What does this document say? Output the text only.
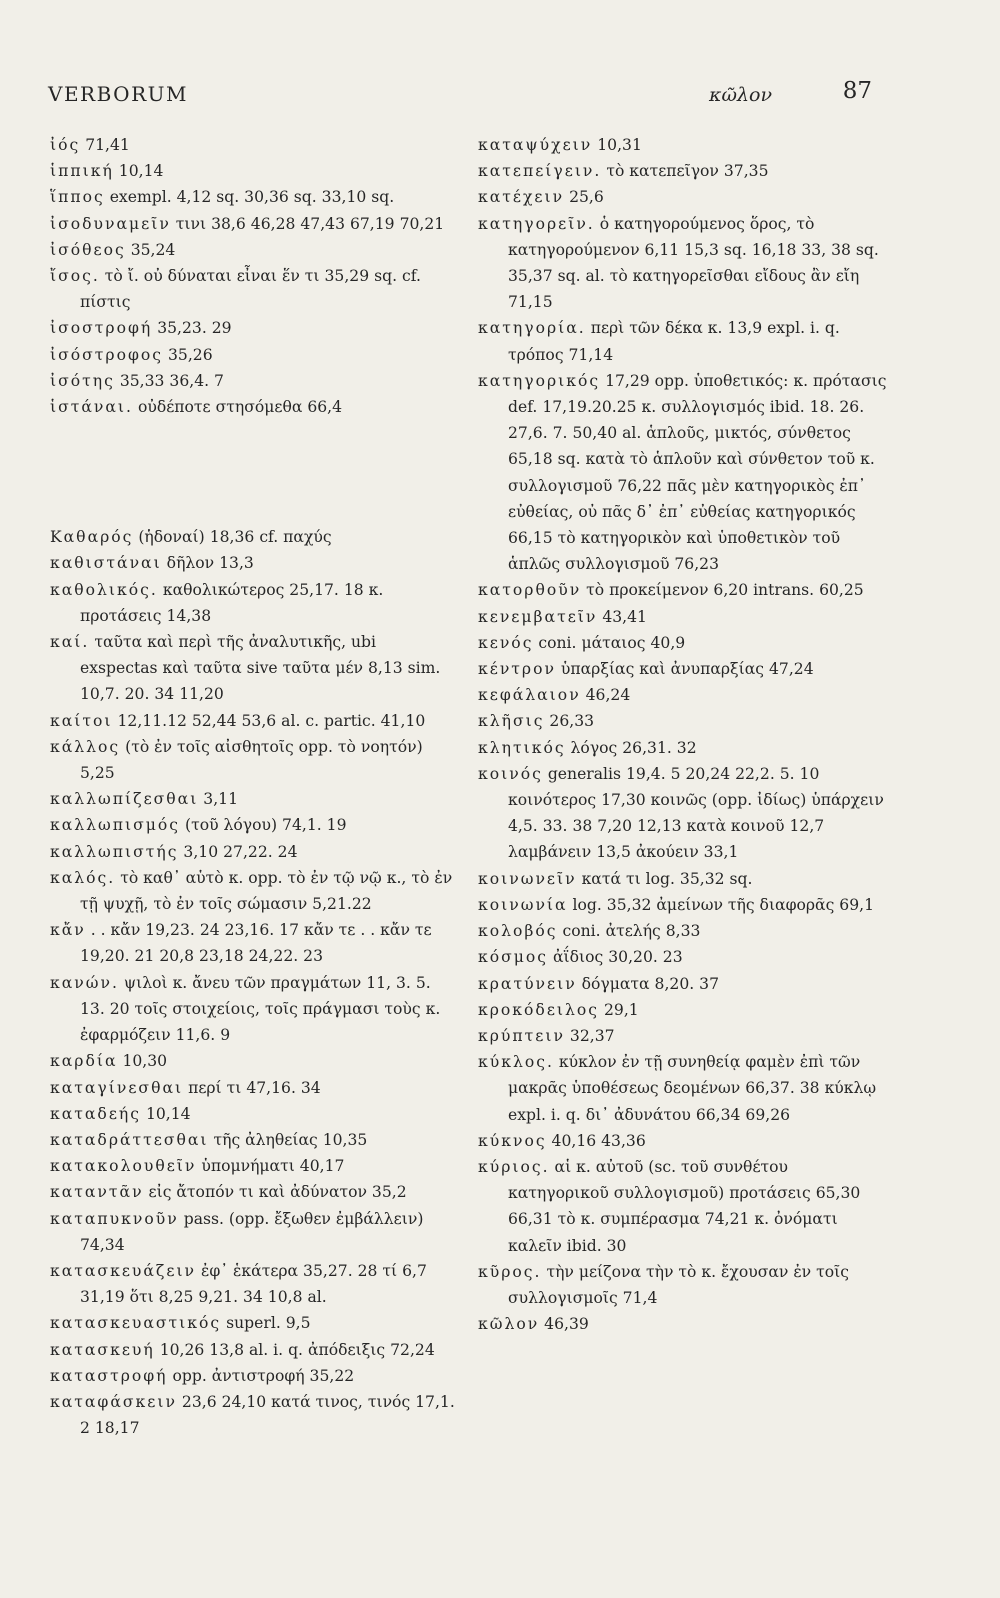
VERBORUM	κῶλον	87
ἰός 71,41
ἱππική 10,14
ἵππος exempl. 4,12 sq. 30,36 sq. 33,10 sq.
ἰσοδυναμεῖν τινι 38,6 46,28 47,43 67,19 70,21
ἰσόθεος 35,24
ἴσος. τὸ ἴ. οὐ δύναται εἶναι ἕν τι 35,29 sq. cf. πίστις
ἰσοστροφή 35,23. 29
ἰσόστροφος 35,26
ἰσότης 35,33 36,4. 7
ἱστάναι. οὐδέποτε στησόμεθα 66,4
Καθαρός (ἡδοναί) 18,36 cf. παχύς
καθιστάναι δῆλον 13,3
καθολικός. καθολικώτερος 25,17. 18 κ. προτάσεις 14,38
καί. ταῦτα καὶ περὶ τῆς ἀναλυτικῆς, ubi exspectas καὶ ταῦτα sive ταῦτα μέν 8,13 sim. 10,7. 20. 34 11,20
καίτοι 12,11.12 52,44 53,6 al. c. partic. 41,10
κάλλος (τὸ ἐν τοῖς αἰσθητοῖς opp. τὸ νοητόν) 5,25
καλλωπίζεσθαι 3,11
καλλωπισμός (τοῦ λόγου) 74,1. 19
καλλωπιστής 3,10 27,22. 24
καλός. τὸ καθ᾿ αὑτὸ κ. opp. τὸ ἐν τῷ νῷ κ., τὸ ἐν τῇ ψυχῇ, τὸ ἐν τοῖς σώμασιν 5,21.22
κἄν . . κἄν 19,23. 24 23,16. 17 κἄν τε . . κἄν τε 19,20. 21 20,8 23,18 24,22. 23
κανών. ψιλοὶ κ. ἄνευ τῶν πραγμάτων 11, 3. 5. 13. 20 τοῖς στοιχείοις, τοῖς πράγμασι τοὺς κ. ἐφαρμόζειν 11,6. 9
καρδία 10,30
καταγίνεσθαι περί τι 47,16. 34
καταδεής 10,14
καταδράττεσθαι τῆς ἀληθείας 10,35
κατακολουθεῖν ὑπομνήματι 40,17
καταντᾶν εἰς ἄτοπόν τι καὶ ἀδύνατον 35,2
καταπυκνοῦν pass. (opp. ἔξωθεν ἐμβάλλειν) 74,34
κατασκευάζειν ἐφ᾿ ἑκάτερα 35,27. 28 τί 6,7 31,19 ὅτι 8,25 9,21. 34 10,8 al.
κατασκευαστικός superl. 9,5
κατασκευή 10,26 13,8 al. i. q. ἀπόδειξις 72,24
καταστροφή opp. ἀντιστροφή 35,22
καταφάσκειν 23,6 24,10 κατά τινος, τινός 17,1. 2 18,17
καταψύχειν 10,31
κατεπείγειν. τὸ κατεπεῖγον 37,35
κατέχειν 25,6
κατηγορεῖν. ὁ κατηγορούμενος ὅρος, τὸ κατηγορούμενον 6,11 15,3 sq. 16,18 33, 38 sq. 35,37 sq. al. τὸ κατηγορεῖσθαι εἴδους ἂν εἴη 71,15
κατηγορία. περὶ τῶν δέκα κ. 13,9 expl. i. q. τρόπος 71,14
κατηγορικός 17,29 opp. ὑποθετικός: κ. πρότασις def. 17,19.20.25 κ. συλλογισμός ibid. 18. 26. 27,6. 7. 50,40 al. ἁπλοῦς, μικτός, σύνθετος 65,18 sq. κατὰ τὸ ἁπλοῦν καὶ σύνθετον τοῦ κ. συλλογισμοῦ 76,22 πᾶς μὲν κατηγορικὸς ἐπ᾿ εὐθείας, οὐ πᾶς δ᾿ ἐπ᾿ εὐθείας κατηγορικός 66,15 τὸ κατηγορικὸν καὶ ὑποθετικὸν τοῦ ἁπλῶς συλλογισμοῦ 76,23
κατορθοῦν τὸ προκείμενον 6,20 intrans. 60,25
κενεμβατεῖν 43,41
κενός coni. μάταιος 40,9
κέντρον ὑπαρξίας καὶ ἀνυπαρξίας 47,24
κεφάλαιον 46,24
κλῆσις 26,33
κλητικός λόγος 26,31. 32
κοινός generalis 19,4. 5 20,24 22,2. 5. 10 κοινότερος 17,30 κοινῶς (opp. ἰδίως) ὑπάρχειν 4,5. 33. 38 7,20 12,13 κατὰ κοινοῦ 12,7 λαμβάνειν 13,5 ἀκούειν 33,1
κοινωνεῖν κατά τι log. 35,32 sq.
κοινωνία log. 35,32 ἀμείνων τῆς διαφορᾶς 69,1
κολοβός coni. ἀτελής 8,33
κόσμος ἀΐδιος 30,20. 23
κρατύνειν δόγματα 8,20. 37
κροκόδειλος 29,1
κρύπτειν 32,37
κύκλος. κύκλον ἐν τῇ συνηθείᾳ φαμὲν ἐπὶ τῶν μακρᾶς ὑποθέσεως δεομένων 66,37. 38 κύκλῳ expl. i. q. δι᾿ ἀδυνάτου 66,34 69,26
κύκνος 40,16 43,36
κύριος. αἱ κ. αὐτοῦ (sc. τοῦ συνθέτου κατηγορικοῦ συλλογισμοῦ) προτάσεις 65,30 66,31 τὸ κ. συμπέρασμα 74,21 κ. ὀνόματι καλεῖν ibid. 30
κῦρος. τὴν μείζονα τὴν τὸ κ. ἔχουσαν ἐν τοῖς συλλογισμοῖς 71,4
κῶλον 46,39
